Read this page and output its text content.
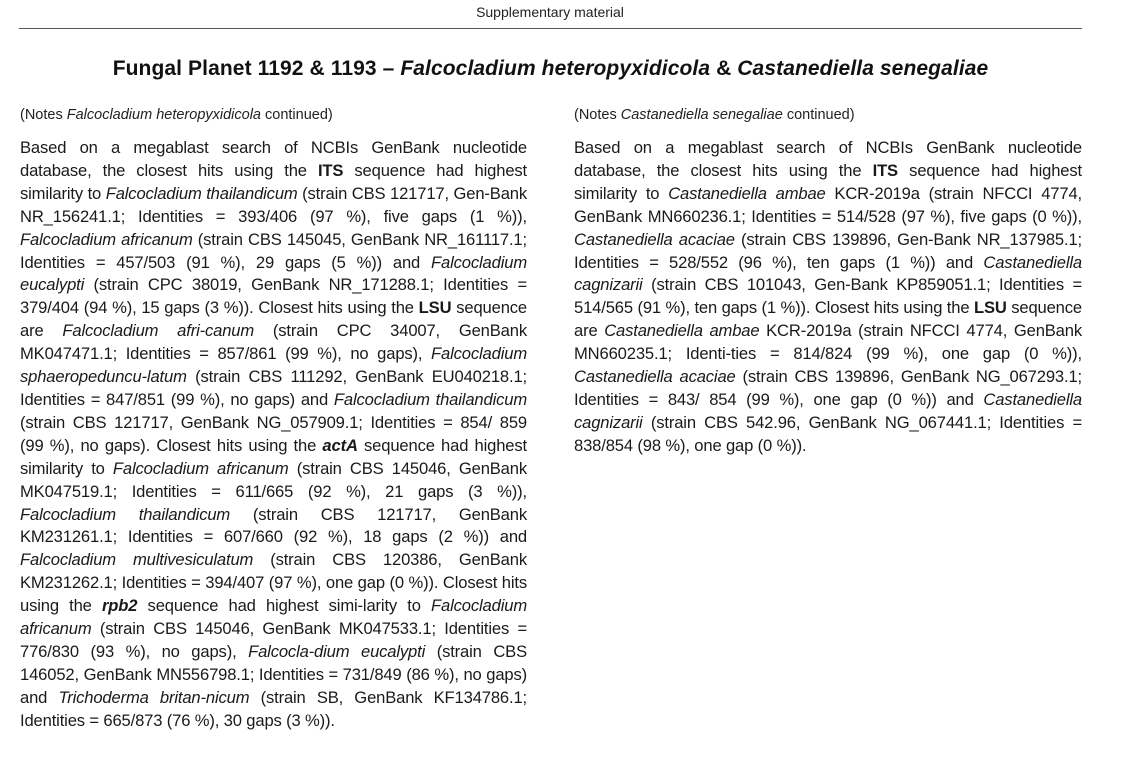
Supplementary material
Fungal Planet 1192 & 1193 – Falcocladium heteropyxidicola & Castanediella senegaliae

(Notes Falcocladium heteropyxidicola continued)

Based on a megablast search of NCBIs GenBank nucleotide database, the closest hits using the ITS sequence had highest similarity to Falcocladium thailandicum (strain CBS 121717, Gen-Bank NR_156241.1; Identities = 393/406 (97 %), five gaps (1 %)), Falcocladium africanum (strain CBS 145045, GenBank NR_161117.1; Identities = 457/503 (91 %), 29 gaps (5 %)) and Falcocladium eucalypti (strain CPC 38019, GenBank NR_171288.1; Identities = 379/404 (94 %), 15 gaps (3 %)). Closest hits using the LSU sequence are Falcocladium afri-canum (strain CPC 34007, GenBank MK047471.1; Identities = 857/861 (99 %), no gaps), Falcocladium sphaeropeduncu-latum (strain CBS 111292, GenBank EU040218.1; Identities = 847/851 (99 %), no gaps) and Falcocladium thailandicum (strain CBS 121717, GenBank NG_057909.1; Identities = 854/ 859 (99 %), no gaps). Closest hits using the actA sequence had highest similarity to Falcocladium africanum (strain CBS 145046, GenBank MK047519.1; Identities = 611/665 (92 %), 21 gaps (3 %)), Falcocladium thailandicum (strain CBS 121717, GenBank KM231261.1; Identities = 607/660 (92 %), 18 gaps (2 %)) and Falcocladium multivesiculatum (strain CBS 120386, GenBank KM231262.1; Identities = 394/407 (97 %), one gap (0 %)). Closest hits using the rpb2 sequence had highest simi-larity to Falcocladium africanum (strain CBS 145046, GenBank MK047533.1; Identities = 776/830 (93 %), no gaps), Falcocla-dium eucalypti (strain CBS 146052, GenBank MN556798.1; Identities = 731/849 (86 %), no gaps) and Trichoderma britan-nicum (strain SB, GenBank KF134786.1; Identities = 665/873 (76 %), 30 gaps (3 %)).

(Notes Castanediella senegaliae continued)

Based on a megablast search of NCBIs GenBank nucleotide database, the closest hits using the ITS sequence had highest similarity to Castanediella ambae KCR-2019a (strain NFCCI 4774, GenBank MN660236.1; Identities = 514/528 (97 %), five gaps (0 %)), Castanediella acaciae (strain CBS 139896, Gen-Bank NR_137985.1; Identities = 528/552 (96 %), ten gaps (1 %)) and Castanediella cagnizarii (strain CBS 101043, Gen-Bank KP859051.1; Identities = 514/565 (91 %), ten gaps (1 %)). Closest hits using the LSU sequence are Castanediella ambae KCR-2019a (strain NFCCI 4774, GenBank MN660235.1; Identi-ties = 814/824 (99 %), one gap (0 %)), Castanediella acaciae (strain CBS 139896, GenBank NG_067293.1; Identities = 843/ 854 (99 %), one gap (0 %)) and Castanediella cagnizarii (strain CBS 542.96, GenBank NG_067441.1; Identities = 838/854 (98 %), one gap (0 %)).
